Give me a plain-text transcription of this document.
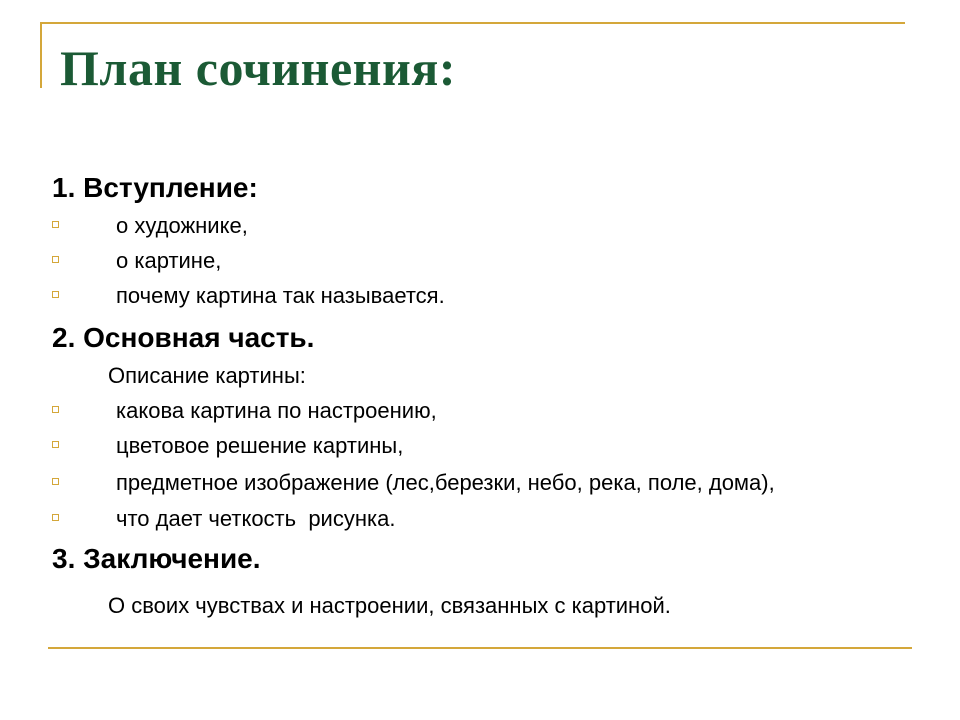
План сочинения:
1. Вступление:
о художнике,
о картине,
почему картина так называется.
2. Основная часть.
Описание картины:
какова картина по настроению,
цветовое решение картины,
предметное изображение (лес,березки, небо, река, поле, дома),
что дает четкость  рисунка.
3. Заключение.
О своих чувствах и настроении, связанных с картиной.
